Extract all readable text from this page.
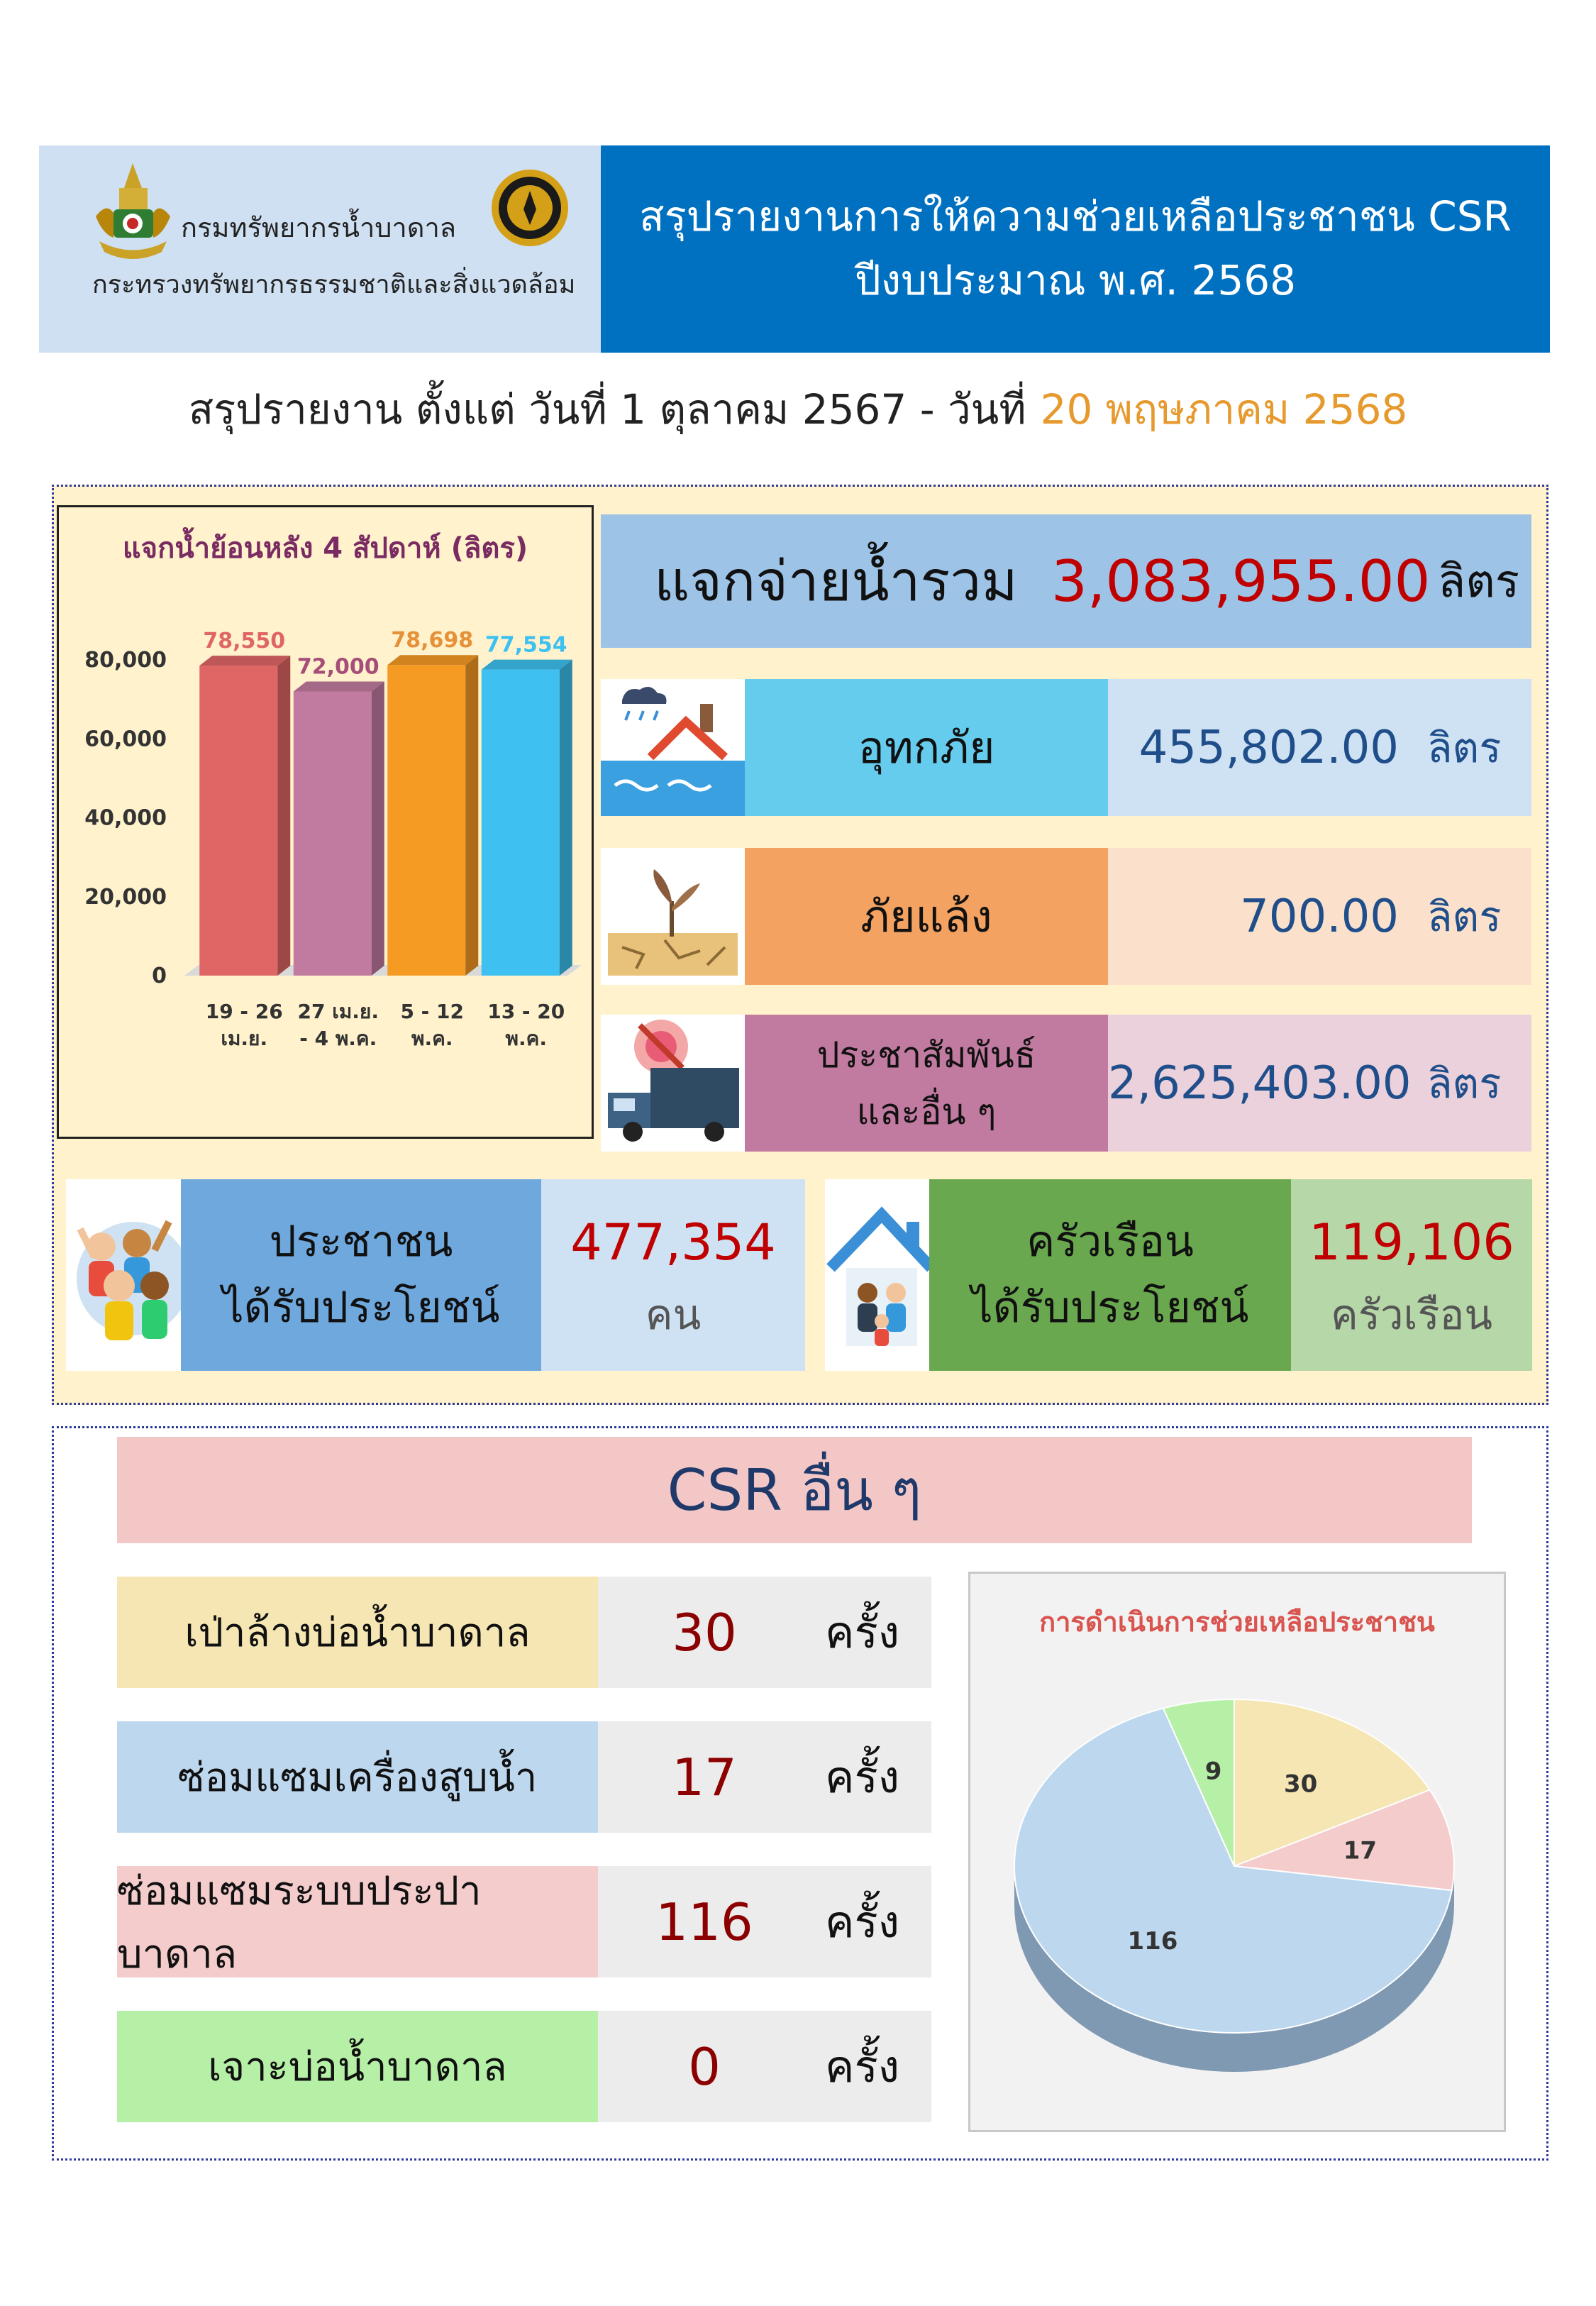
กรมทรัพยากรน้ำบาดาล
กระทรวงทรัพยากรธรรมชาติและสิ่งแวดล้อม
สรุปรายงานการให้ความช่วยเหลือประชาชน CSR
ปีงบประมาณ พ.ศ. 2568
สรุปรายงาน ตั้งแต่ วันที่ 1 ตุลาคม 2567 - วันที่ 20 พฤษภาคม 2568
แจกน้ำย้อนหลัง 4 สัปดาห์ (ลิตร)
0
20,000
40,000
60,000
80,000
78,550
19 - 26
เม.ย.
72,000
27 เม.ย.
- 4 พ.ค.
78,698
5 - 12
พ.ค.
77,554
13 - 20
พ.ค.
แจกจ่ายน้ำรวม 3,083,955.00 ลิตร
อุทกภัย	455,802.00 ลิตร
ภัยแล้ง	700.00 ลิตร
ประชาสัมพันธ์
และอื่น ๆ
2,625,403.00 ลิตร
ประชาชน
ได้รับประโยชน์
477,354
คน
ครัวเรือน
ได้รับประโยชน์
119,106
ครัวเรือน
CSR อื่น ๆ
เป่าล้างบ่อน้ำบาดาล	30	ครั้ง
ซ่อมแซมเครื่องสูบน้ำ	17	ครั้ง
ซ่อมแซมระบบประปาบาดาล
116	ครั้ง
เจาะบ่อน้ำบาดาล	0	ครั้ง
การดำเนินการช่วยเหลือประชาชน
30
17
116
9
